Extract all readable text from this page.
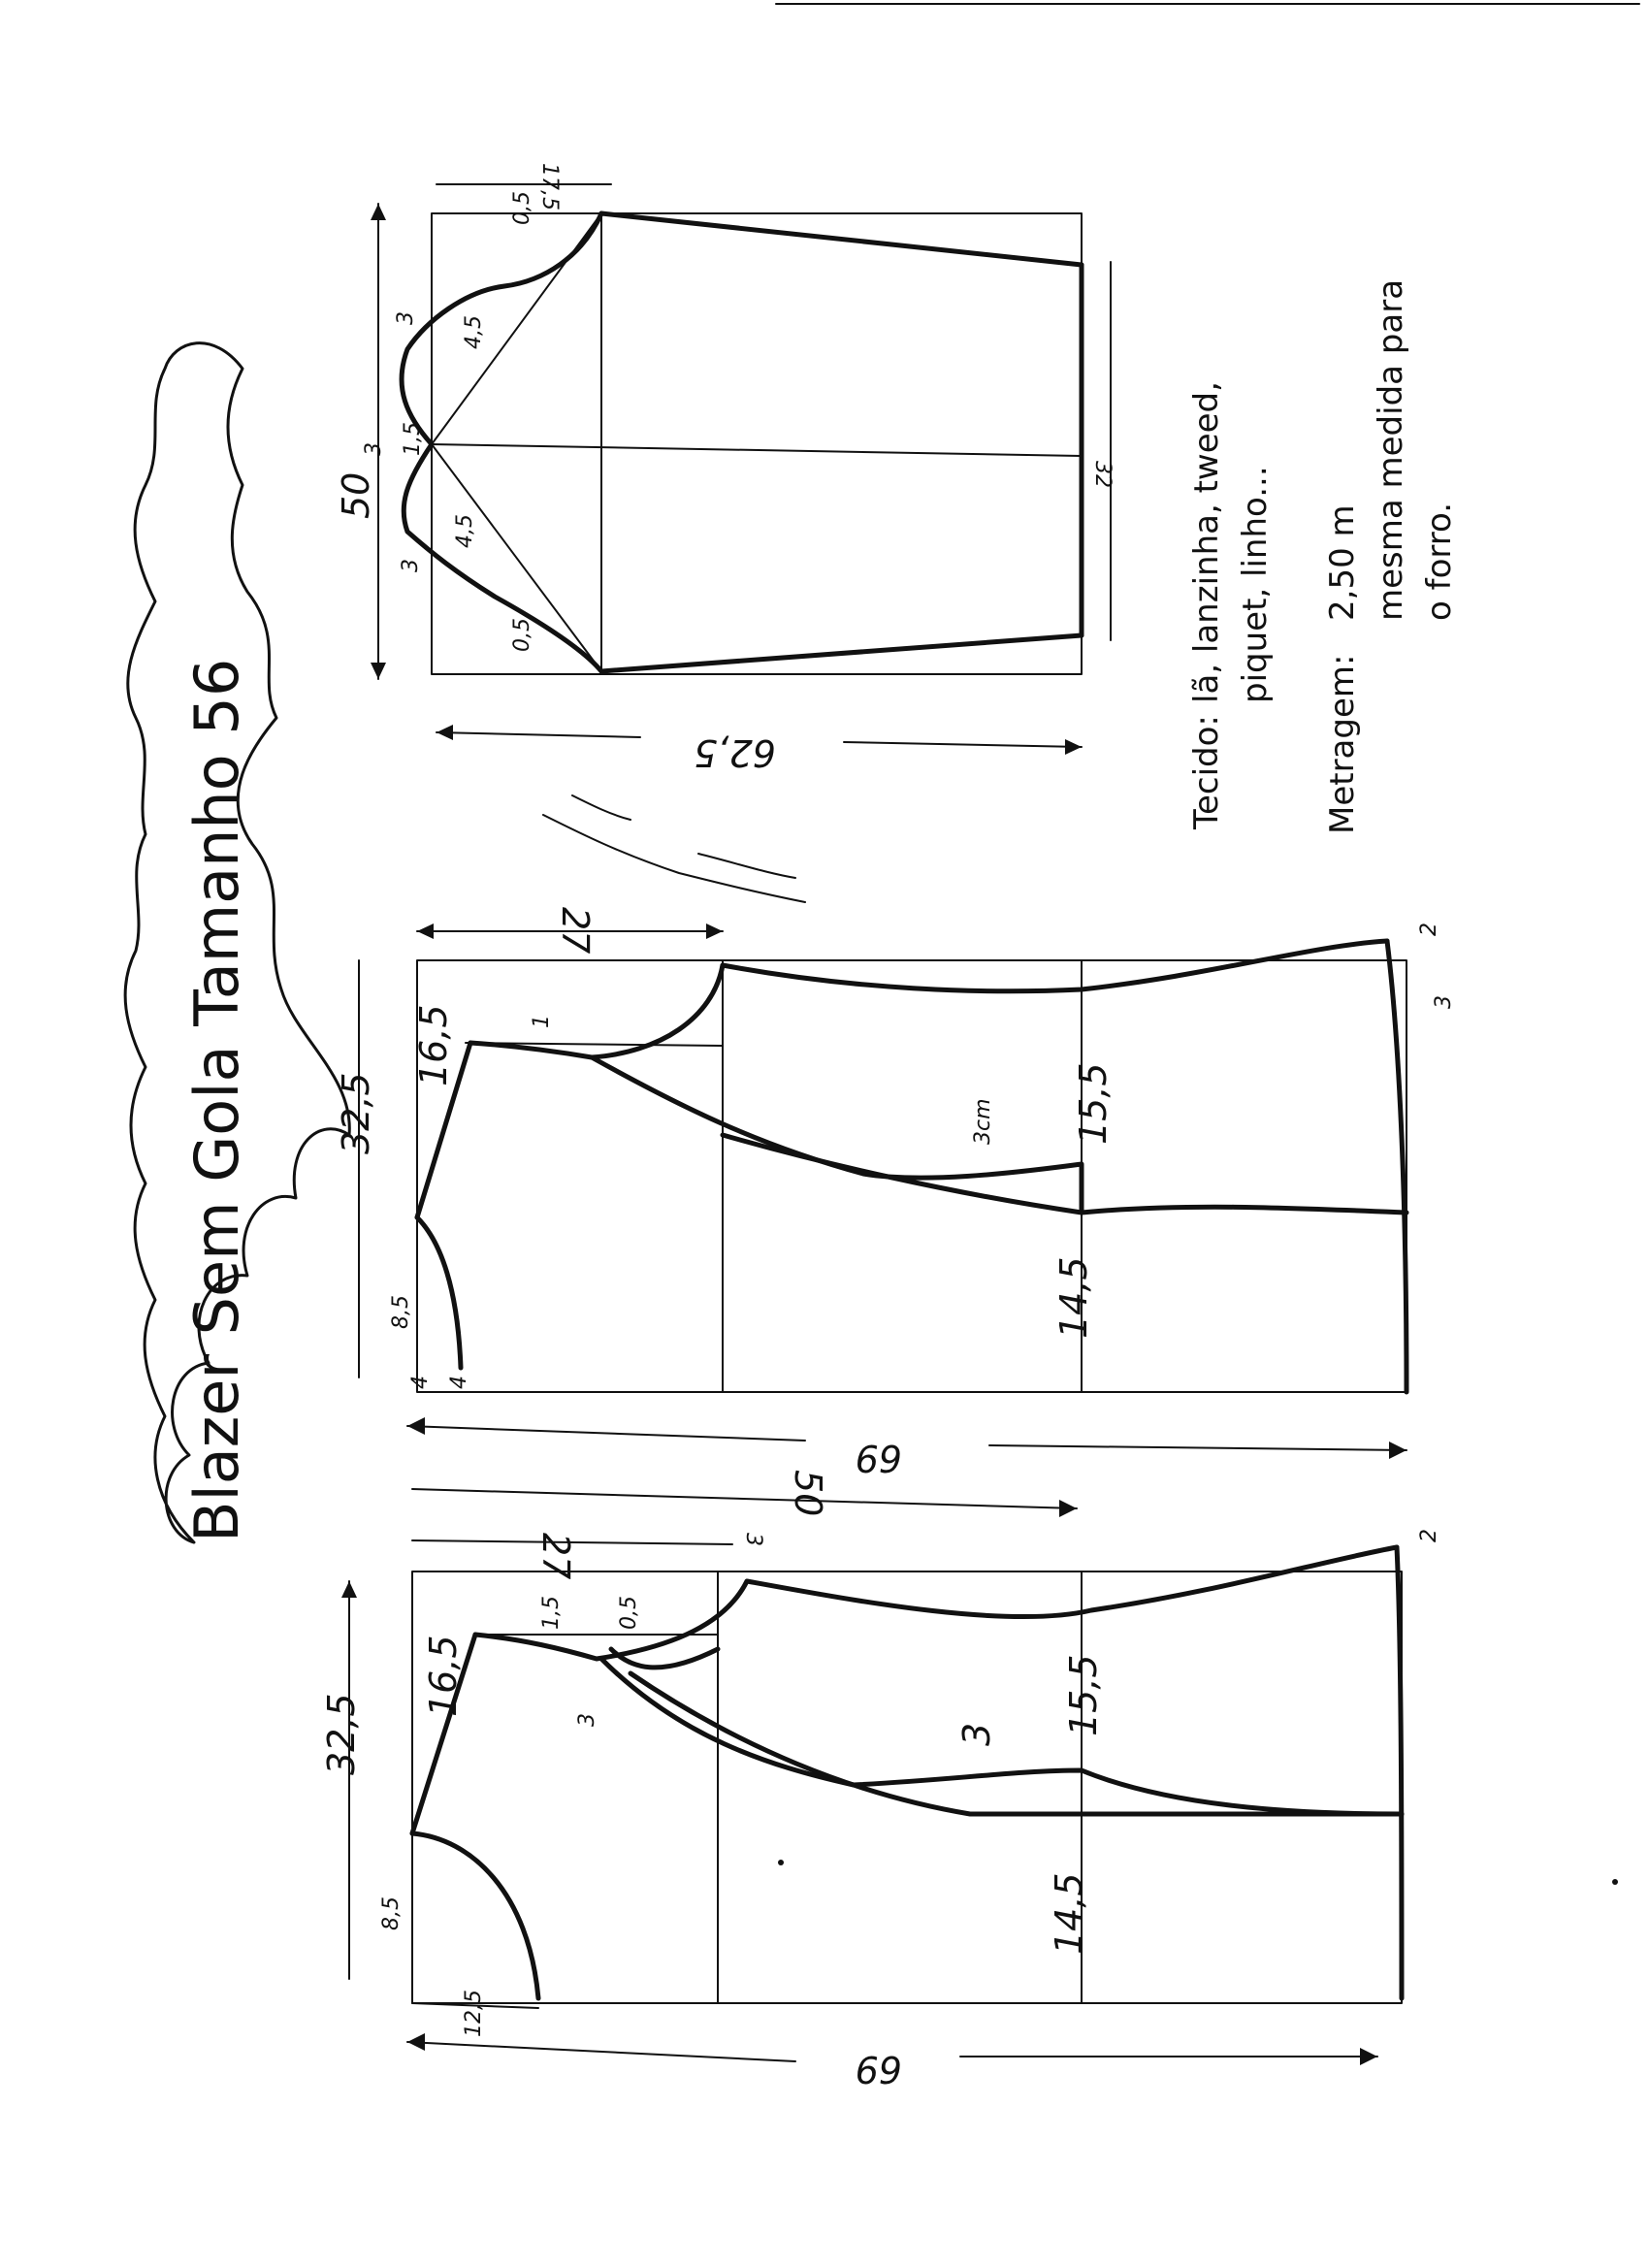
17,5
0,5
0,5
3 4,5
3 1,5
3
4,5
50	32
62,5
27
16,5
32,5
8,5
4 4
1
3cm 15,5
14,5
2
3
69
50
27	3
16,5
32,5
8,5
12,5
1,5	0,5
3
3 15,5
14,5
2
69
Blazer Sem Gola Tamanho 56	Tecido:
lã, lanzinha, tweed, piquet, linho...
Metragem:
2,50 m mesma medida para o forro.
